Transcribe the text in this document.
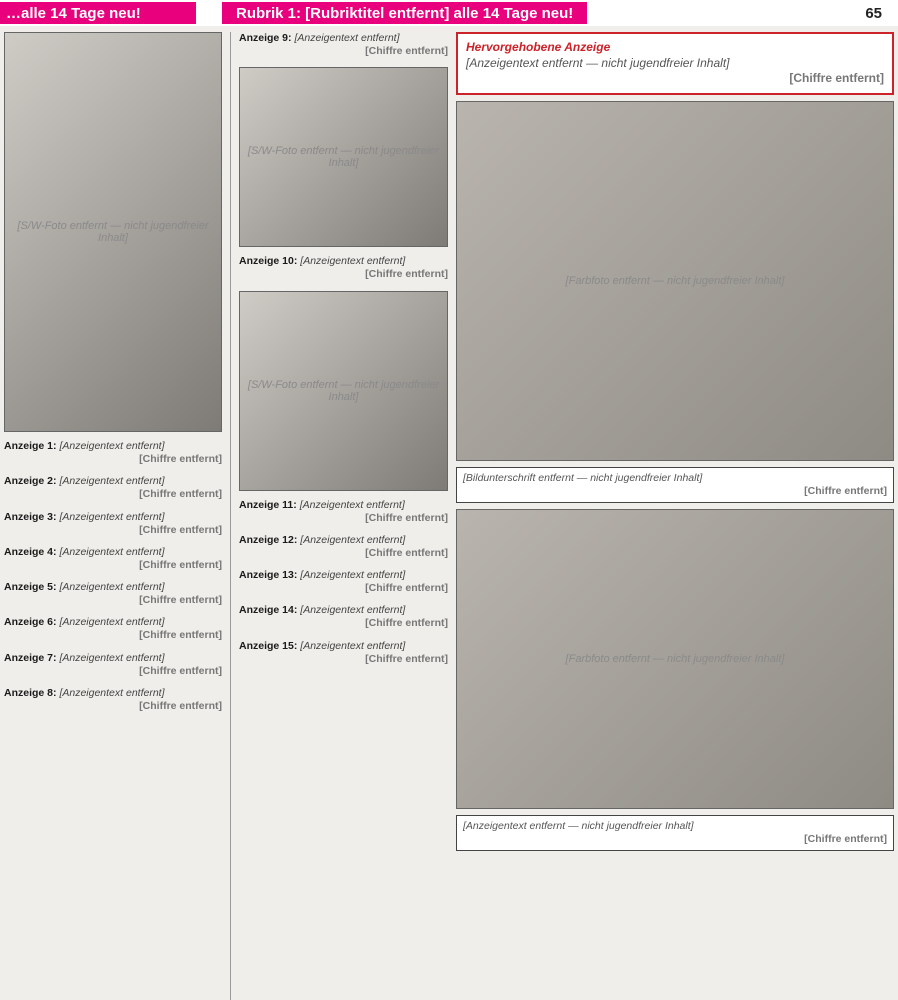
…alle 14 Tage neu!	Rubrik 1: [Rubriktitel entfernt] alle 14 Tage neu!	65
[S/W-Foto entfernt — nicht jugendfreier Inhalt]
Anzeige 1: [Anzeigentext entfernt]
[Chiffre entfernt]
Anzeige 2: [Anzeigentext entfernt]
[Chiffre entfernt]
Anzeige 3: [Anzeigentext entfernt]
[Chiffre entfernt]
Anzeige 4: [Anzeigentext entfernt]
[Chiffre entfernt]
Anzeige 5: [Anzeigentext entfernt]
[Chiffre entfernt]
Anzeige 6: [Anzeigentext entfernt]
[Chiffre entfernt]
Anzeige 7: [Anzeigentext entfernt]
[Chiffre entfernt]
Anzeige 8: [Anzeigentext entfernt]
[Chiffre entfernt]
Anzeige 9: [Anzeigentext entfernt]
[Chiffre entfernt]
[S/W-Foto entfernt — nicht jugendfreier Inhalt]
Anzeige 10: [Anzeigentext entfernt]
[Chiffre entfernt]
[S/W-Foto entfernt — nicht jugendfreier Inhalt]
Anzeige 11: [Anzeigentext entfernt]
[Chiffre entfernt]
Anzeige 12: [Anzeigentext entfernt]
[Chiffre entfernt]
Anzeige 13: [Anzeigentext entfernt]
[Chiffre entfernt]
Anzeige 14: [Anzeigentext entfernt]
[Chiffre entfernt]
Anzeige 15: [Anzeigentext entfernt]
[Chiffre entfernt]
Hervorgehobene Anzeige
[Anzeigentext entfernt — nicht jugendfreier Inhalt]
[Chiffre entfernt]
[Farbfoto entfernt — nicht jugendfreier Inhalt]
[Bildunterschrift entfernt — nicht jugendfreier Inhalt]
[Chiffre entfernt]
[Farbfoto entfernt — nicht jugendfreier Inhalt]
[Anzeigentext entfernt — nicht jugendfreier Inhalt]
[Chiffre entfernt]
